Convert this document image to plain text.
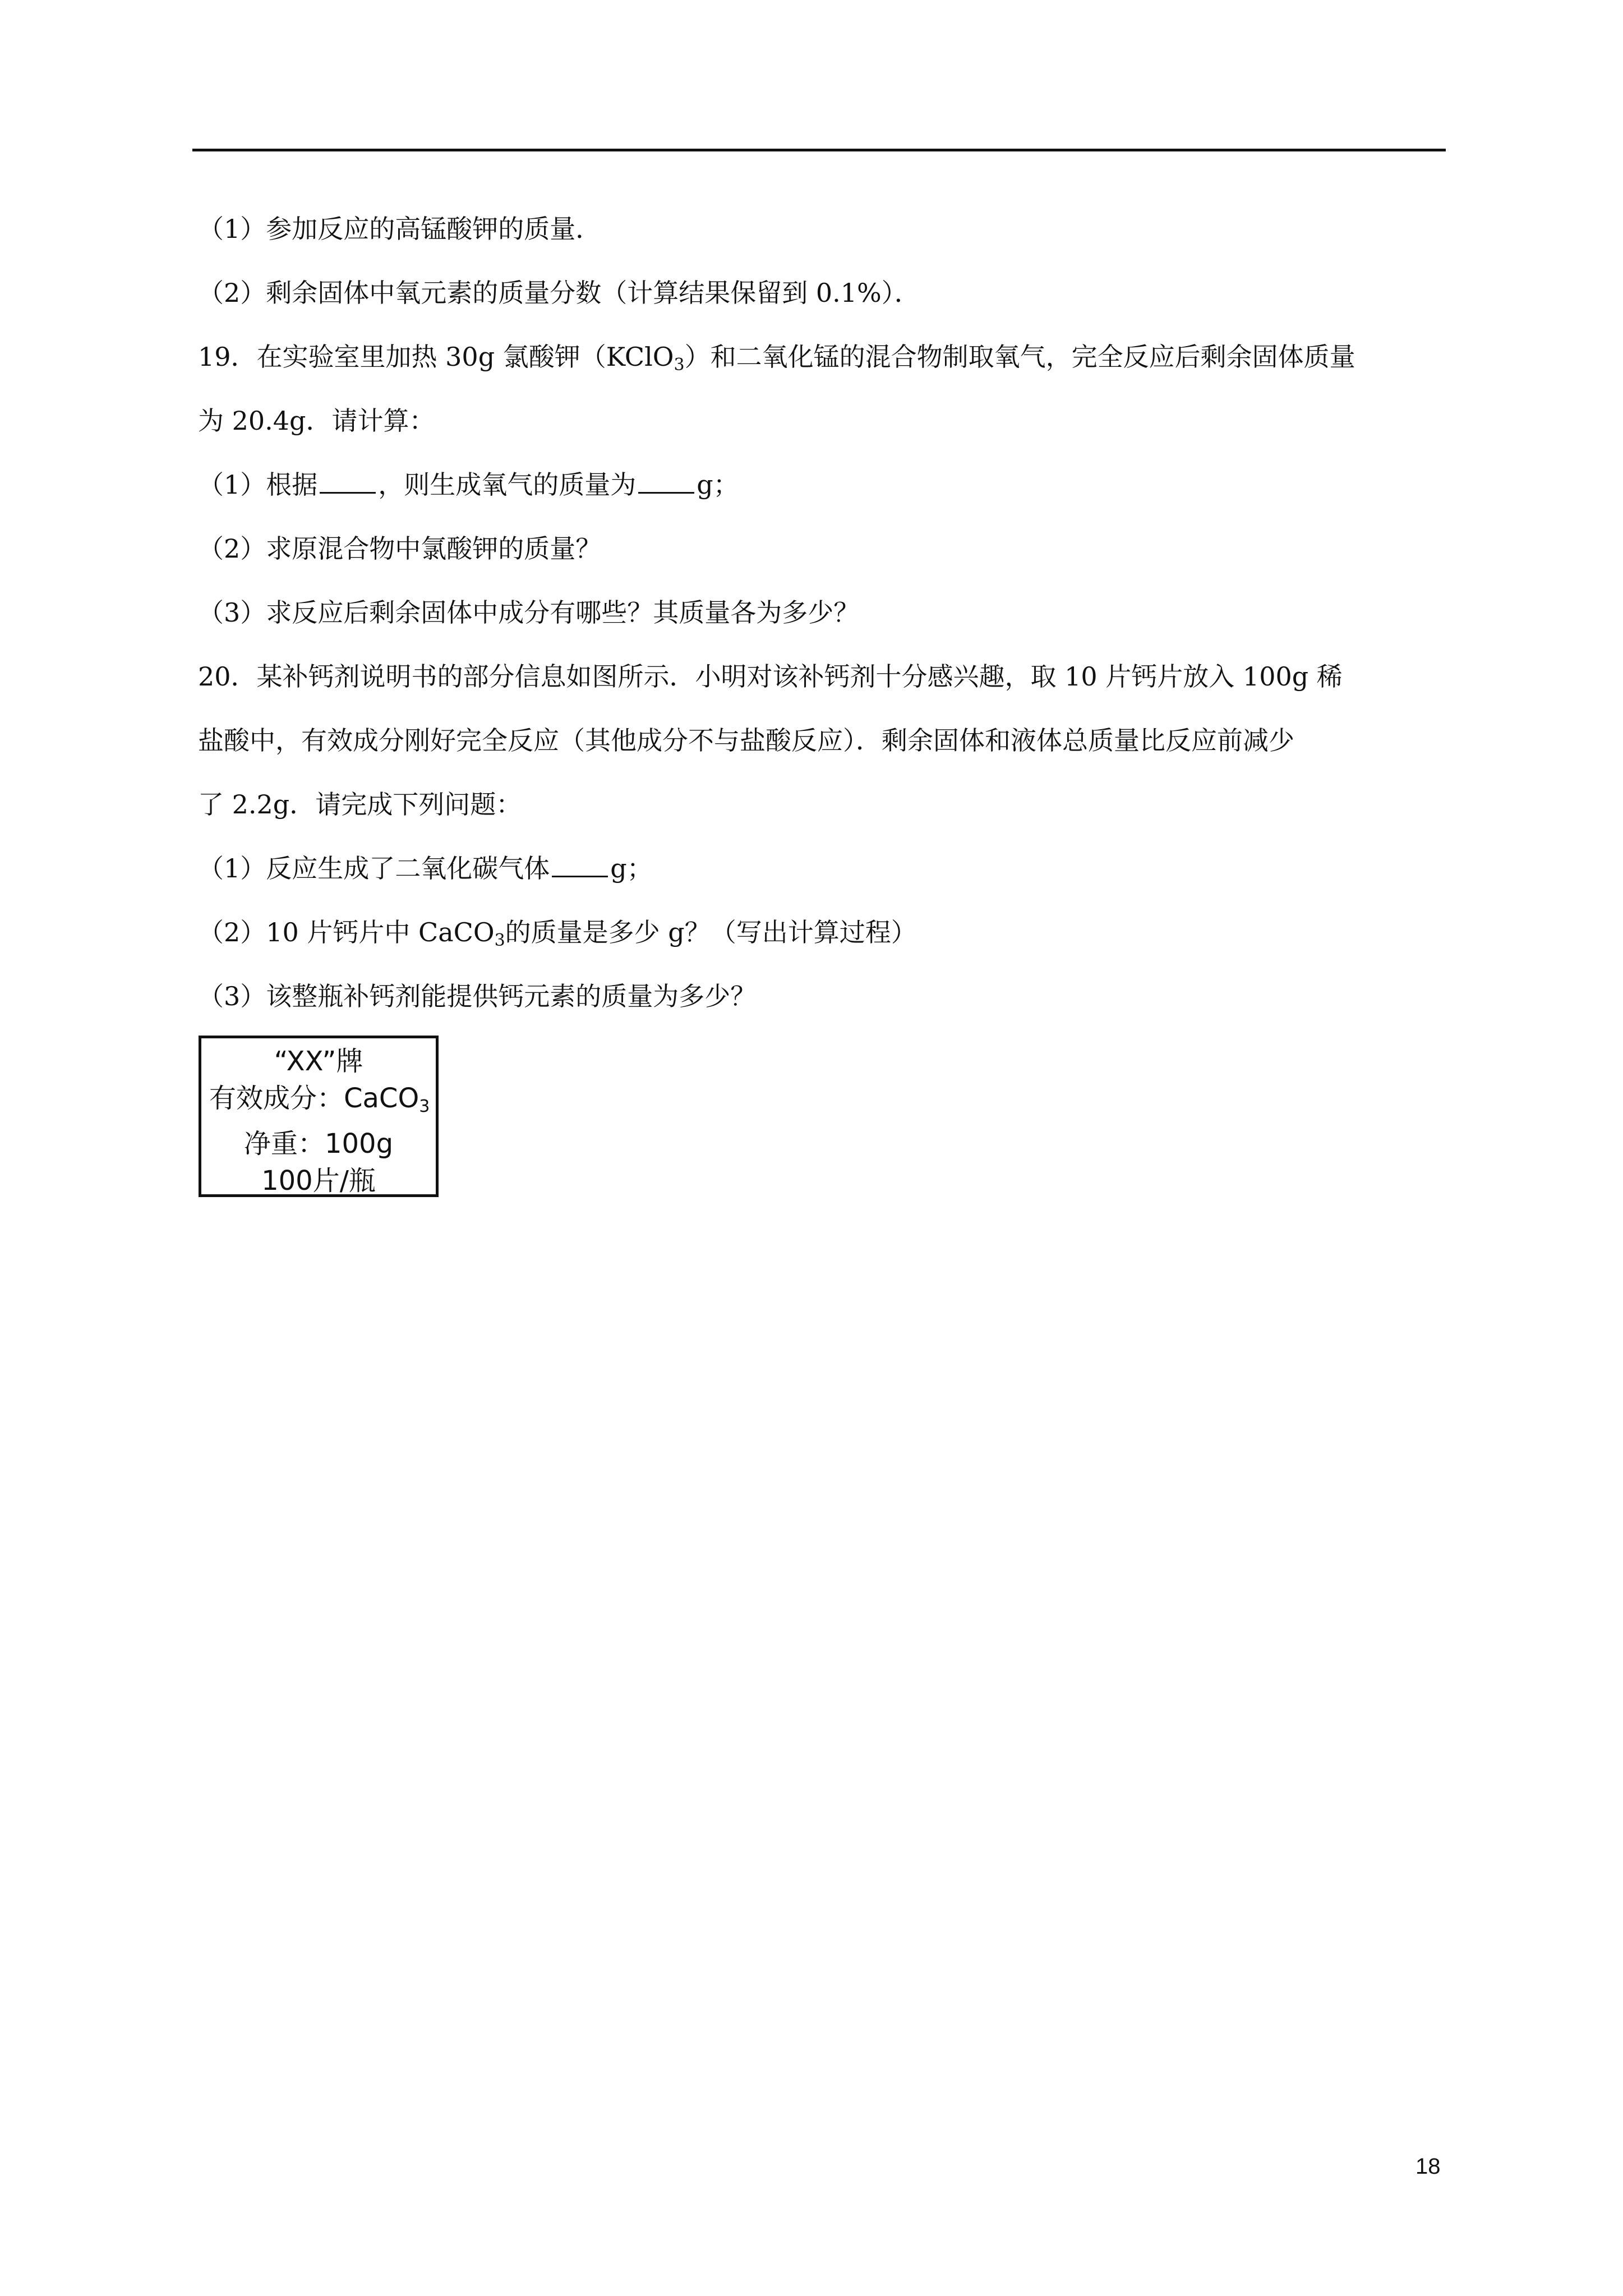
（1）参加反应的高锰酸钾的质量．
（2）剩余固体中氧元素的质量分数（计算结果保留到 0.1%）．
19．在实验室里加热 30g 氯酸钾（KClO$_3$）和二氧化锰的混合物制取氧气，完全反应后剩余固体质量
为 20.4g．请计算：
（1）根据 ，则生成氧气的质量为 g；
（2）求原混合物中氯酸钾的质量？
（3）求反应后剩余固体中成分有哪些？其质量各为多少？
20．某补钙剂说明书的部分信息如图所示．小明对该补钙剂十分感兴趣，取 10 片钙片放入 100g 稀
盐酸中，有效成分刚好完全反应（其他成分不与盐酸反应）．剩余固体和液体总质量比反应前减少
了 2.2g．请完成下列问题：
（1）反应生成了二氧化碳气体 g；
（2）10 片钙片中 CaCO$_3$的质量是多少 g？（写出计算过程）
（3）该整瓶补钙剂能提供钙元素的质量为多少？
“XX”牌
有效成分：CaCO$_3$
净重：100g
100片/瓶
18
